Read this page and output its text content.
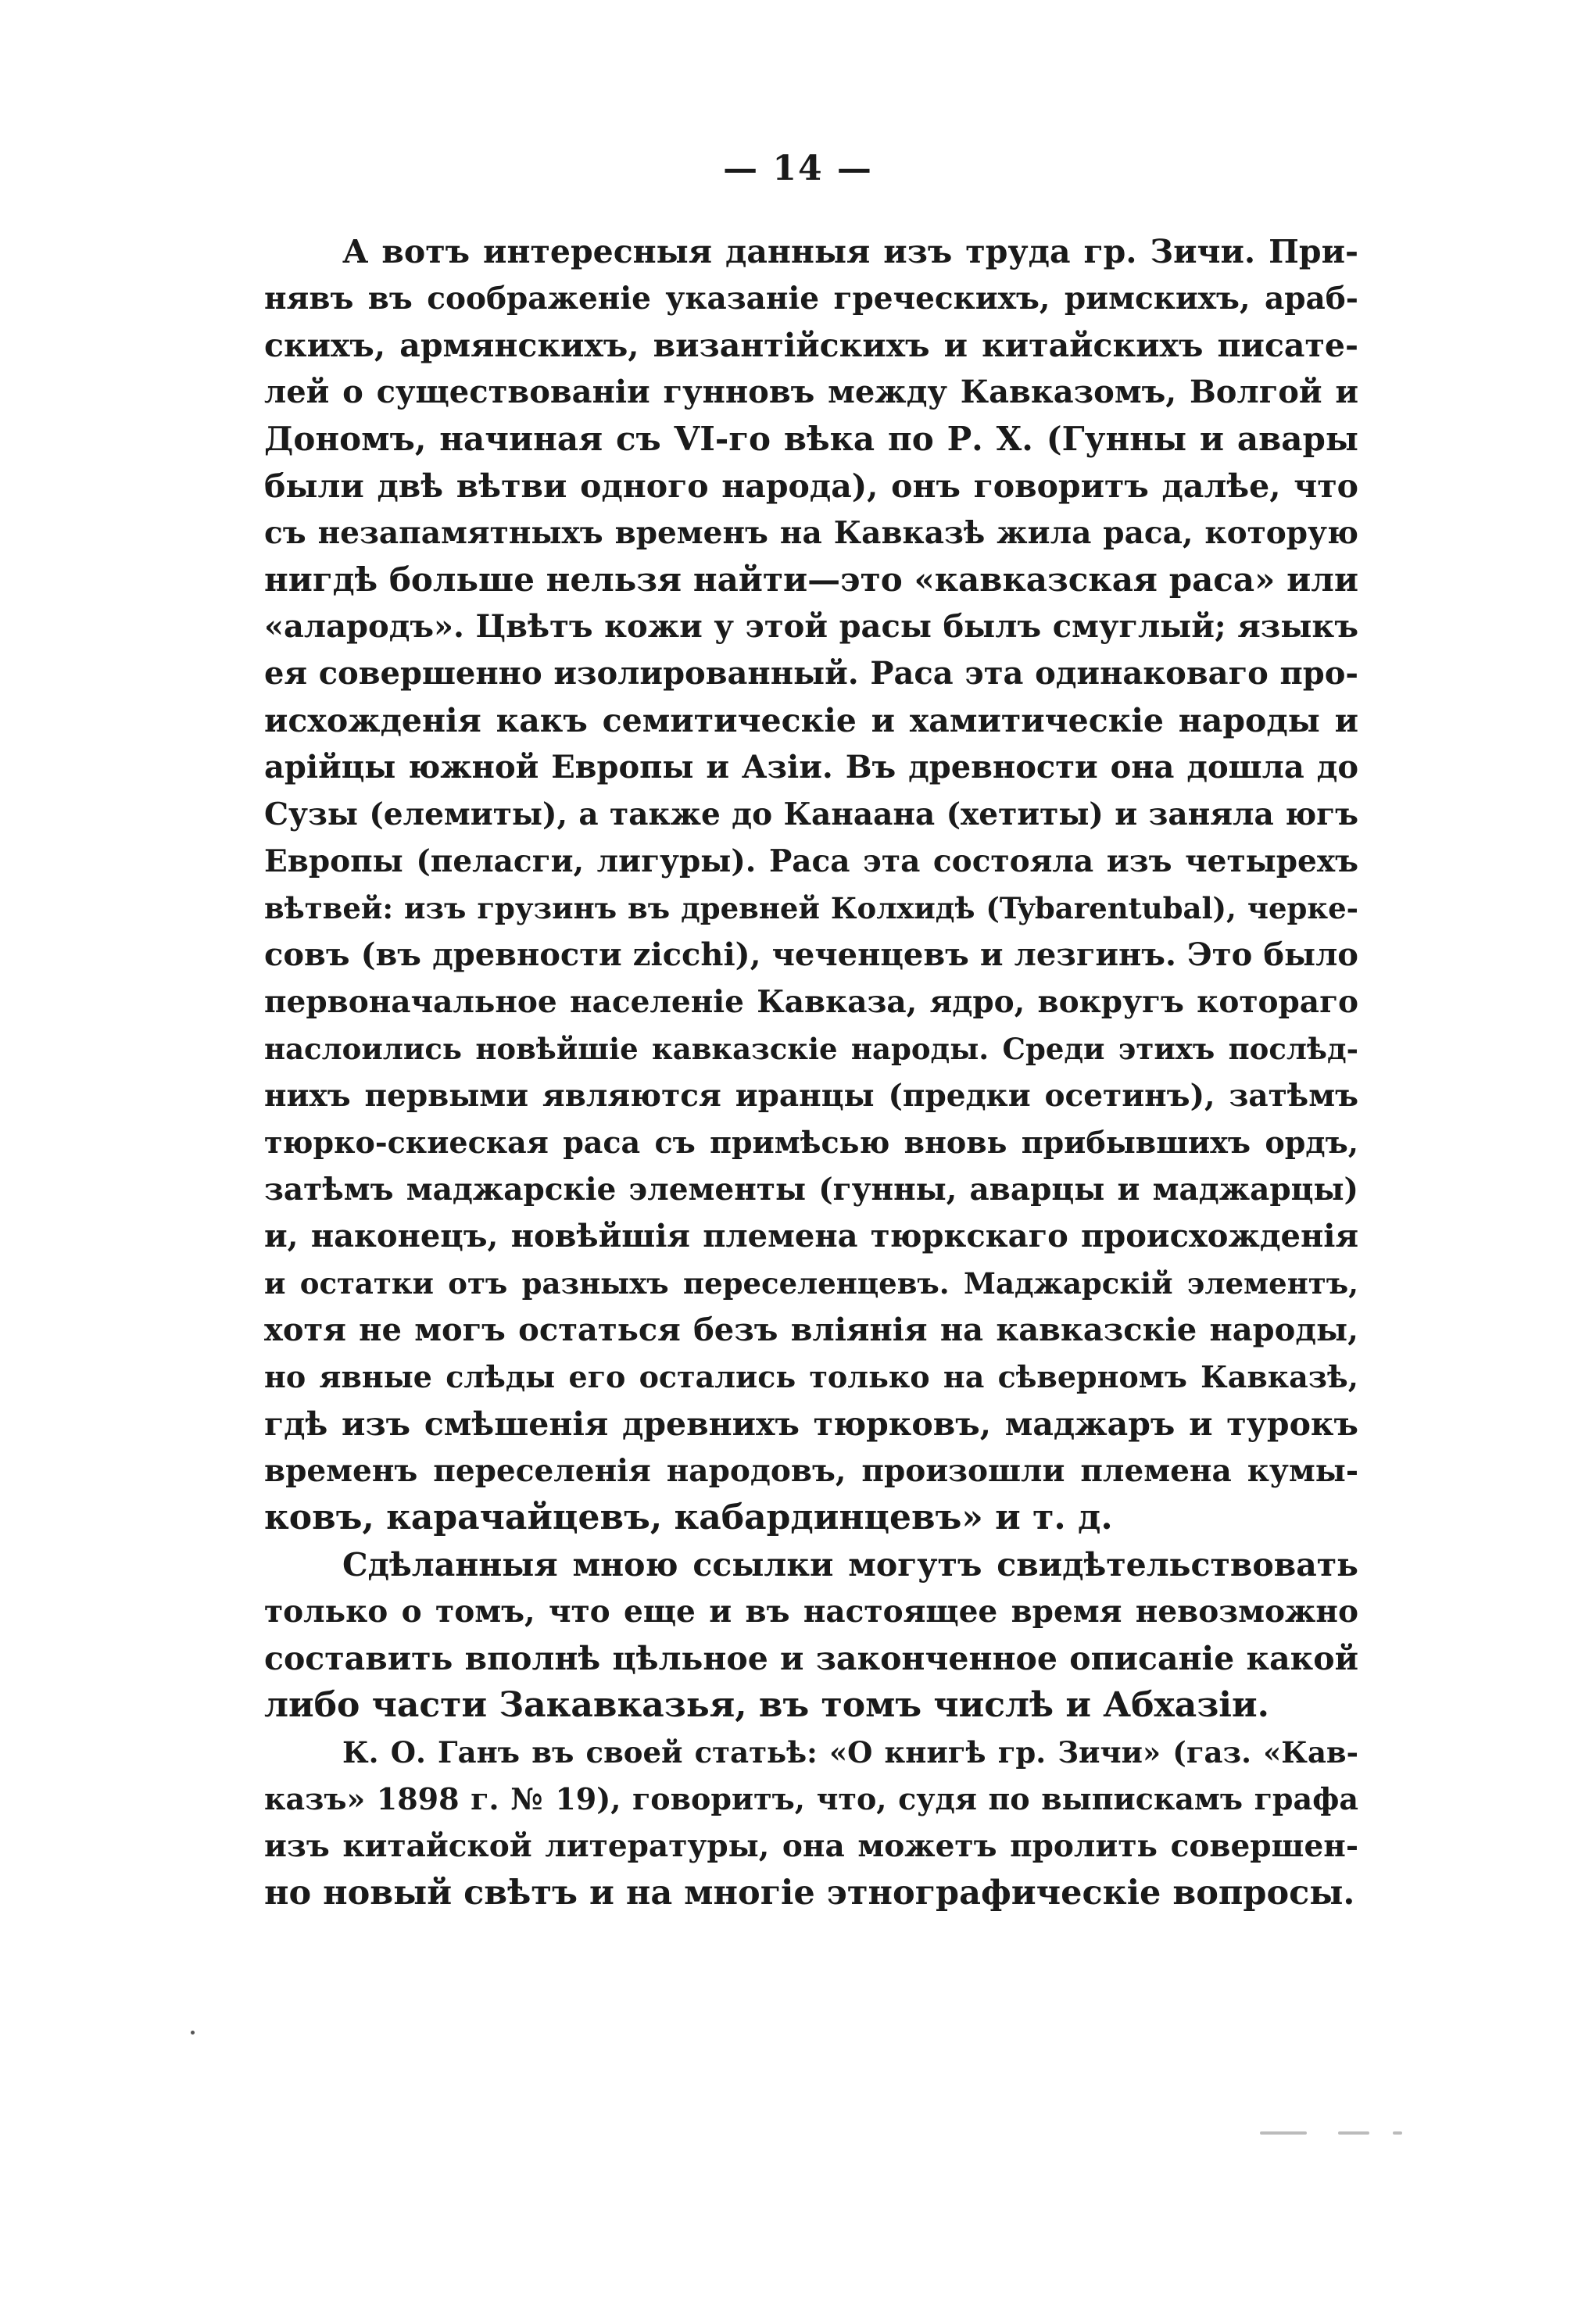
— 14 —
А вотъ интересныя данныя изъ труда гр. Зичи. При-
нявъ въ соображеніе указаніе греческихъ, римскихъ, араб-
скихъ, армянскихъ, византійскихъ и китайскихъ писате-
лей о существованіи гунновъ между Кавказомъ, Волгой и
Дономъ, начиная съ VI-го вѣка по Р. Х. (Гунны и авары
были двѣ вѣтви одного народа), онъ говоритъ далѣе, что
съ незапамятныхъ временъ на Кавказѣ жила раса, которую
нигдѣ больше нельзя найти—это «кавказская раса» или
«алародъ». Цвѣтъ кожи у этой расы былъ смуглый; языкъ
ея совершенно изолированный. Раса эта одинаковаго про-
исхожденія какъ семитическіе и хамитическіе народы и
арійцы южной Европы и Азіи. Въ древности она дошла до
Сузы (елемиты), а также до Канаана (хетиты) и заняла югъ
Европы (пеласги, лигуры). Раса эта состояла изъ четырехъ
вѣтвей: изъ грузинъ въ древней Колхидѣ (Tybarentubal), черке-
совъ (въ древности zicchi), чеченцевъ и лезгинъ. Это было
первоначальное населеніе Кавказа, ядро, вокругъ котораго
наслоились новѣйшіе кавказскіе народы. Среди этихъ послѣд-
нихъ первыми являются иранцы (предки осетинъ), затѣмъ
тюрко-скиеская раса съ примѣсью вновь прибывшихъ ордъ,
затѣмъ маджарскіе элементы (гунны, аварцы и маджарцы)
и, наконецъ, новѣйшія племена тюркскаго происхожденія
и остатки отъ разныхъ переселенцевъ. Маджарскій элементъ,
хотя не могъ остаться безъ вліянія на кавказскіе народы,
но явные слѣды его остались только на сѣверномъ Кавказѣ,
гдѣ изъ смѣшенія древнихъ тюрковъ, маджаръ и турокъ
временъ переселенія народовъ, произошли племена кумы-
ковъ, карачайцевъ, кабардинцевъ» и т. д.
Сдѣланныя мною ссылки могутъ свидѣтельствовать
только о томъ, что еще и въ настоящее время невозможно
составить вполнѣ цѣльное и законченное описаніе какой
либо части Закавказья, въ томъ числѣ и Абхазіи.
К. О. Ганъ въ своей статьѣ: «О книгѣ гр. Зичи» (газ. «Кав-
казъ» 1898 г. № 19), говоритъ, что, судя по выпискамъ графа
изъ китайской литературы, она можетъ пролить совершен-
но новый свѣтъ и на многіе этнографическіе вопросы.
